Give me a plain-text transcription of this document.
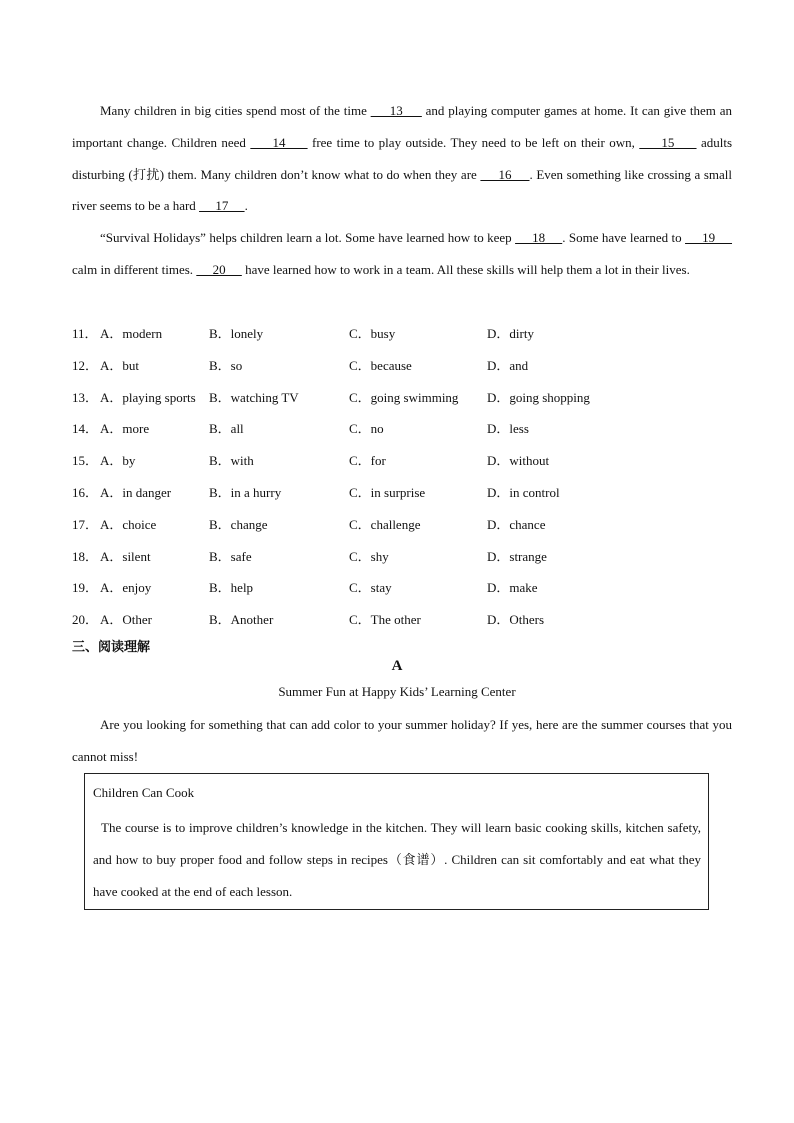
Many children in big cities spend most of the time      13      and playing computer games at home. It can give them an important change. Children need      14      free time to play outside. They need to be left on their own,      15      adults disturbing (打扰) them. Many children don’t know what to do when they are      16     . Even something like crossing a small river seems to be a hard      17     .

“Survival Holidays” helps children learn a lot. Some have learned how to keep      18     . Some have learned to      19      calm in different times.      20      have learned how to work in a team. All these skills will help them a lot in their lives.

11． A．modern	B．lonely	C．busy	D．dirty
12． A．but	B．so	C．because	D．and
13． A．playing sports B．watching TV	C．going swimming D．going shopping
14． A．more	B．all	C．no	D．less
15． A．by	B．with	C．for	D．without
16． A．in danger	B．in a hurry	C．in surprise	D．in control
17． A．choice	B．change	C．challenge	D．chance
18． A．silent	B．safe	C．shy	D．strange
19． A．enjoy	B．help	C．stay	D．make
20． A．Other	B．Another	C．The other	D．Others
三、阅读理解
A
Summer Fun at Happy Kids’ Learning Center

Are you looking for something that can add color to your summer holiday? If yes, here are the summer courses that you cannot miss!

Children Can Cook

The course is to improve children’s knowledge in the kitchen. They will learn basic cooking skills, kitchen safety, and how to buy proper food and follow steps in recipes（食谱）. Children can sit comfortably and eat what they have cooked at the end of each lesson.
